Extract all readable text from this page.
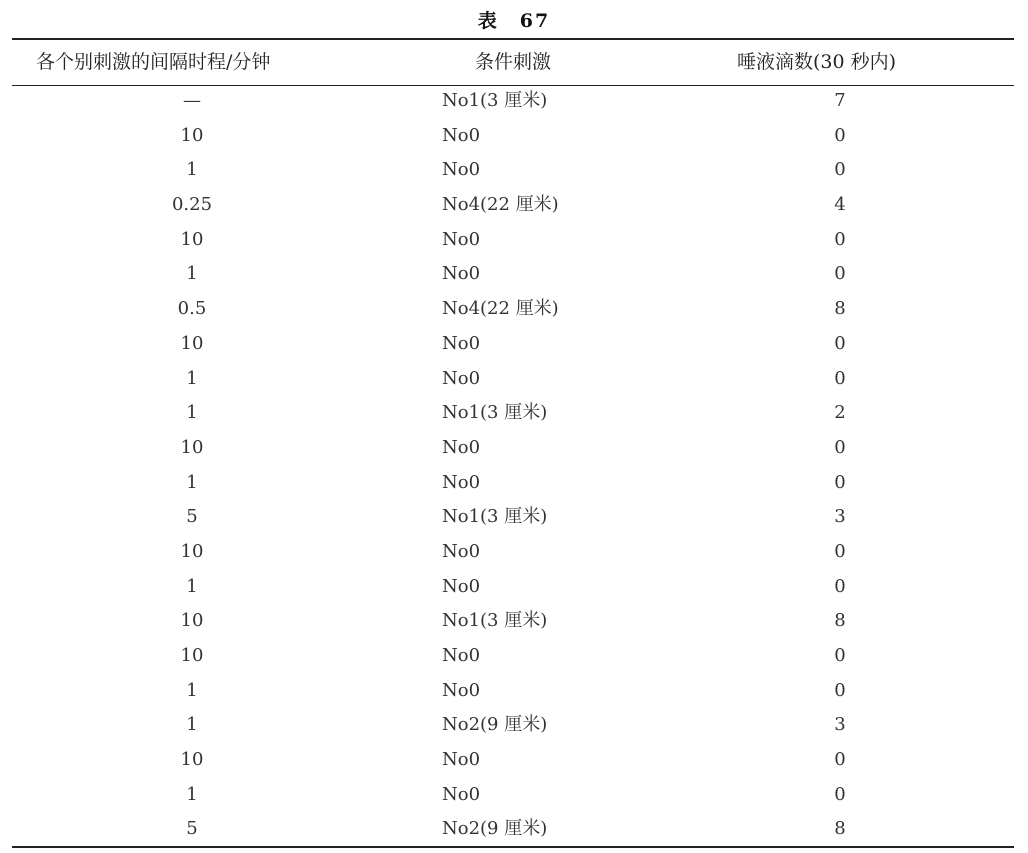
表　67
各个别刺激的间隔时程/分钟	条件刺激	唾液滴数(30 秒内)
—	No1(3 厘米)	7
10	No0	0
1	No0	0
0.25	No4(22 厘米)	4
10	No0	0
1	No0	0
0.5	No4(22 厘米)	8
10	No0	0
1	No0	0
1	No1(3 厘米)	2
10	No0	0
1	No0	0
5	No1(3 厘米)	3
10	No0	0
1	No0	0
10	No1(3 厘米)	8
10	No0	0
1	No0	0
1	No2(9 厘米)	3
10	No0	0
1	No0	0
5	No2(9 厘米)	8
